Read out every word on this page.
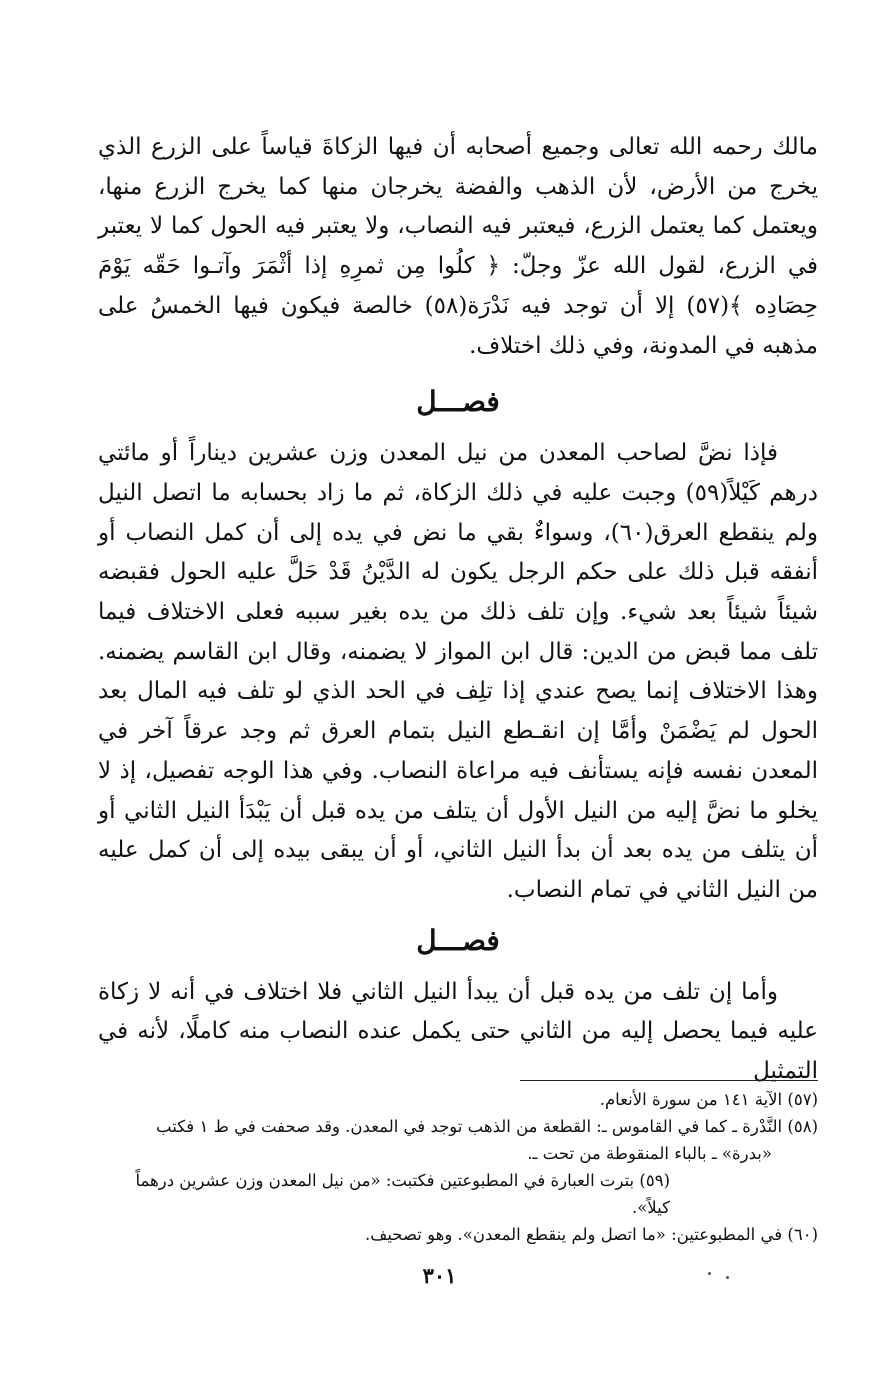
مالك رحمه الله تعالى وجميع أصحابه أن فيها الزكاةَ قياساً على الزرع الذي يخرج من الأرض، لأن الذهب والفضة يخرجان منها كما يخرج الزرع منها، ويعتمل كما يعتمل الزرع، فيعتبر فيه النصاب، ولا يعتبر فيه الحول كما لا يعتبر في الزرع، لقول الله عزّ وجلّ: ﴿ كلُوا مِن ثمرِهِ إذا أثْمَرَ وآتـوا حَقّه يَوْمَ حِصَادِه ﴾(٥٧) إلا أن توجد فيه نَدْرَة(٥٨) خالصة فيكون فيها الخمسُ على مذهبه في المدونة، وفي ذلك اختلاف.

فصـــل

فإذا نضَّ لصاحب المعدن من نيل المعدن وزن عشرين ديناراً أو مائتي درهم كَيْلاً(٥٩) وجبت عليه في ذلك الزكاة، ثم ما زاد بحسابه ما اتصل النيل ولم ينقطع العرق(٦٠)، وسواءٌ بقي ما نض في يده إلى أن كمل النصاب أو أنفقه قبل ذلك على حكم الرجل يكون له الدَّيْنُ قَدْ حَلَّ عليه الحول فقبضه شيئاً شيئاً بعد شيء. وإن تلف ذلك من يده بغير سببه فعلى الاختلاف فيما تلف مما قبض من الدين: قال ابن المواز لا يضمنه، وقال ابن القاسم يضمنه. وهذا الاختلاف إنما يصح عندي إذا تلِف في الحد الذي لو تلف فيه المال بعد الحول لم يَضْمَنْ وأمَّا إن انقـطع النيل بتمام العرق ثم وجد عرقاً آخر في المعدن نفسه فإنه يستأنف فيه مراعاة النصاب. وفي هذا الوجه تفصيل، إذ لا يخلو ما نضَّ إليه من النيل الأول أن يتلف من يده قبل أن يَبْدَأ النيل الثاني أو أن يتلف من يده بعد أن بدأ النيل الثاني، أو أن يبقى بيده إلى أن كمل عليه من النيل الثاني في تمام النصاب.

فصـــل

وأما إن تلف من يده قبل أن يبدأ النيل الثاني فلا اختلاف في أنه لا زكاة عليه فيما يحصل إليه من الثاني حتى يكمل عنده النصاب منه كاملًا، لأنه في التمثيل

(٥٧) الآية ١٤١ من سورة الأنعام.

(٥٨) النَّدْرة ـ كما في القاموس ـ: القطعة من الذهب توجد في المعدن. وقد صحفت في ط ١ فكتب

«بدرة» ـ بالباء المنقوطة من تحت ـ.

(٥٩) بترت العبارة في المطبوعتين فكتبت: «من نيل المعدن وزن عشرين درهماً كيلاً».

(٦٠) في المطبوعتين: «ما اتصل ولم ينقطع المعدن». وهو تصحيف.

٣٠١
